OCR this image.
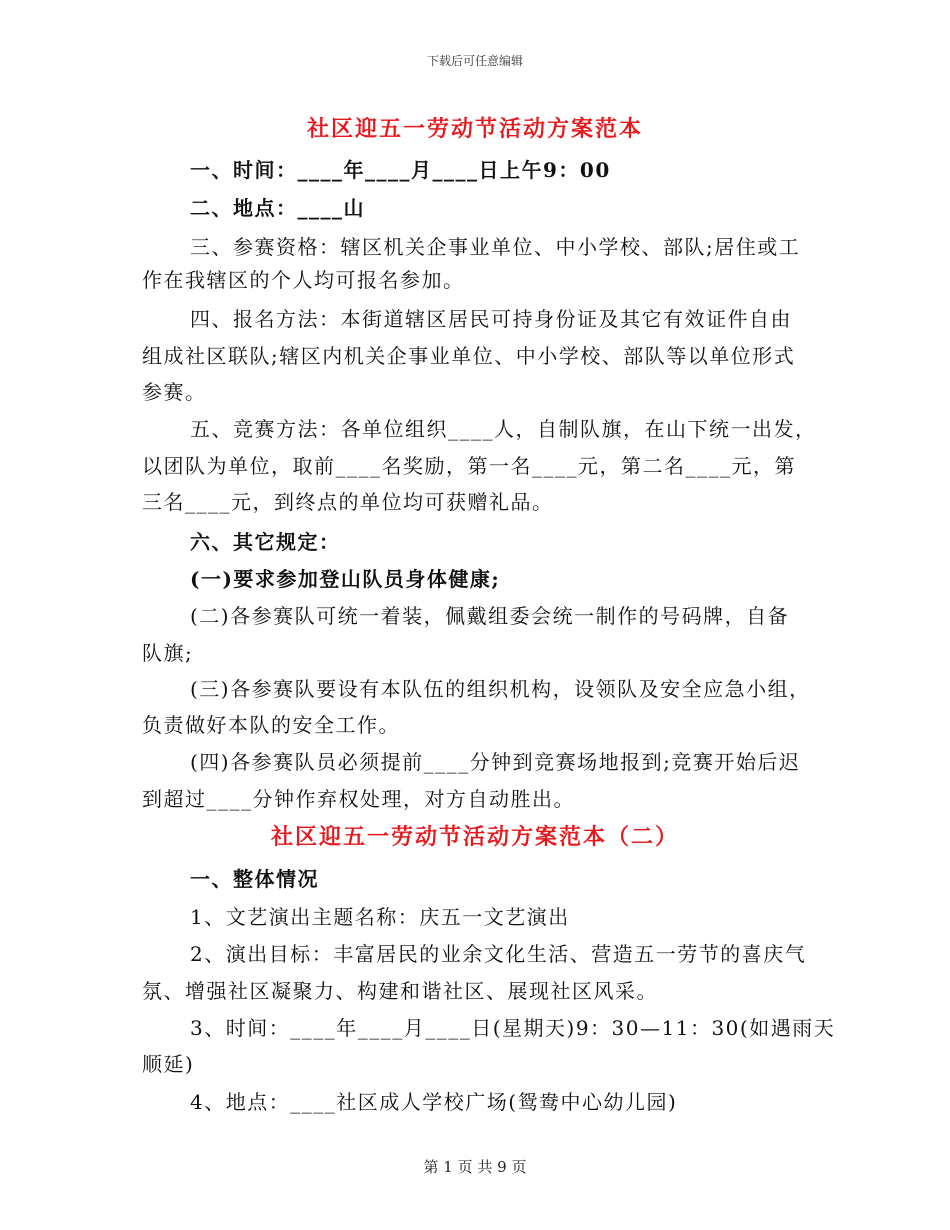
下载后可任意编辑
社区迎五一劳动节活动方案范本
一、时间：____年____月____日上午9：00
二、地点：____山
三、参赛资格：辖区机关企事业单位、中小学校、部队;居住或工
作在我辖区的个人均可报名参加。
四、报名方法：本街道辖区居民可持身份证及其它有效证件自由
组成社区联队;辖区内机关企事业单位、中小学校、部队等以单位形式
参赛。
五、竞赛方法：各单位组织____人，自制队旗，在山下统一出发，
以团队为单位，取前____名奖励，第一名____元，第二名____元，第
三名____元，到终点的单位均可获赠礼品。
六、其它规定：
(一)要求参加登山队员身体健康;
(二)各参赛队可统一着装，佩戴组委会统一制作的号码牌，自备
队旗;
(三)各参赛队要设有本队伍的组织机构，设领队及安全应急小组，
负责做好本队的安全工作。
(四)各参赛队员必须提前____分钟到竞赛场地报到;竞赛开始后迟
到超过____分钟作弃权处理，对方自动胜出。
社区迎五一劳动节活动方案范本（二）
一、整体情况
1、文艺演出主题名称：庆五一文艺演出
2、演出目标：丰富居民的业余文化生活、营造五一劳节的喜庆气
氛、增强社区凝聚力、构建和谐社区、展现社区风采。
3、时间：____年____月____日(星期天)9：30—11：30(如遇雨天
顺延)
4、地点：____社区成人学校广场(鸳鸯中心幼儿园)
第 1 页 共 9 页
